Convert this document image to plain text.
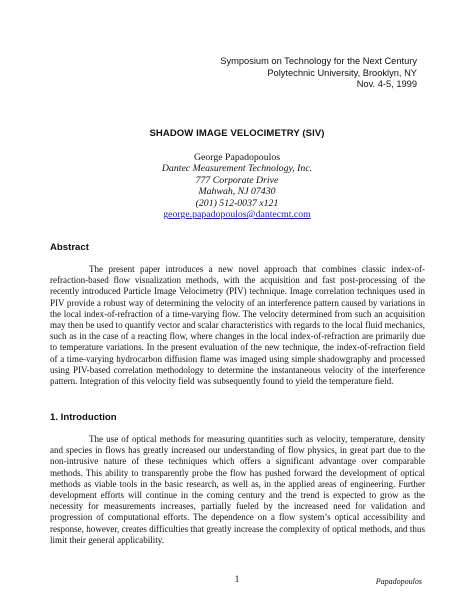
Symposium on Technology for the Next Century
Polytechnic University, Brooklyn, NY
Nov. 4-5, 1999
SHADOW IMAGE VELOCIMETRY (SIV)
George Papadopoulos
Dantec Measurement Technology, Inc.
777 Corporate Drive
Mahwah, NJ 07430
(201) 512-0037 x121
george.papadopoulos@dantecmt.com
Abstract

The present paper introduces a new novel approach that combines classic index-of-refraction-based flow visualization methods, with the acquisition and fast post-processing of the recently introduced Particle Image Velocimetry (PIV) technique. Image correlation techniques used in PIV provide a robust way of determining the velocity of an interference pattern caused by variations in the local index-of-refraction of a time-varying flow. The velocity determined from such an acquisition may then be used to quantify vector and scalar characteristics with regards to the local fluid mechanics, such as in the case of a reacting flow, where changes in the local index-of-refraction are primarily due to temperature variations. In the present evaluation of the new technique, the index-of-refraction field of a time-varying hydrocarbon diffusion flame was imaged using simple shadowgraphy and processed using PIV-based correlation methodology to determine the instantaneous velocity of the interference pattern. Integration of this velocity field was subsequently found to yield the temperature field.

1. Introduction

The use of optical methods for measuring quantities such as velocity, temperature, density and species in flows has greatly increased our understanding of flow physics, in great part due to the non-intrusive nature of these techniques which offers a significant advantage over comparable methods. This ability to transparently probe the flow has pushed forward the development of optical methods as viable tools in the basic research, as well as, in the applied areas of engineering. Further development efforts will continue in the coming century and the trend is expected to grow as the necessity for measurements increases, partially fueled by the increased need for validation and progression of computational efforts. The dependence on a flow system’s optical accessibility and response, however, creates difficulties that greatly increase the complexity of optical methods, and thus limit their general applicability.

1	Papadopoulos
